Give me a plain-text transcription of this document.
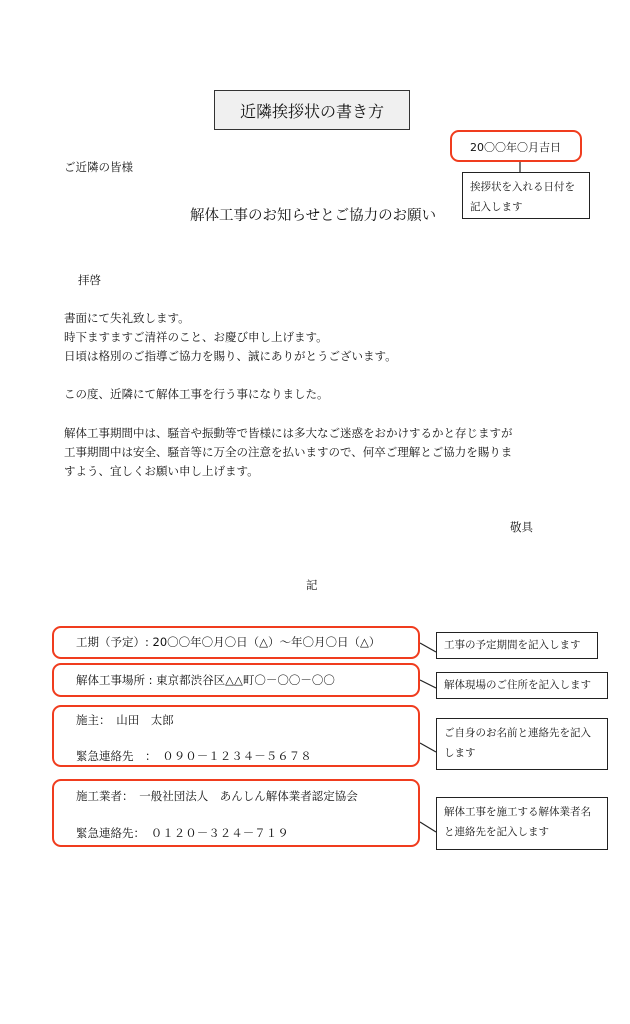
近隣挨拶状の書き方
20〇〇年〇月吉日
挨拶状を入れる日付を
記入します
ご近隣の皆様
解体工事のお知らせとご協力のお願い
拝啓
書面にて失礼致します。
時下ますますご清祥のこと、お慶び申し上げます。
日頃は格別のご指導ご協力を賜り、誠にありがとうございます。
この度、近隣にて解体工事を行う事になりました。
解体工事期間中は、騒音や振動等で皆様には多大なご迷惑をおかけするかと存じますが
工事期間中は安全、騒音等に万全の注意を払いますので、何卒ご理解とご協力を賜りま
すよう、宜しくお願い申し上げます。
敬具
記
工期（予定）: 20〇〇年〇月〇日（△）～年〇月〇日（△）
解体工事場所 : 東京都渋谷区△△町〇－〇〇－〇〇
施主：　山田　太郎
緊急連絡先　：　０９０－１２３４－５６７８
施工業者：　一般社団法人　あんしん解体業者認定協会
緊急連絡先：　０１２０－３２４－７１９
工事の予定期間を記入します
解体現場のご住所を記入します
ご自身のお名前と連絡先を記入
します
解体工事を施工する解体業者名
と連絡先を記入します
